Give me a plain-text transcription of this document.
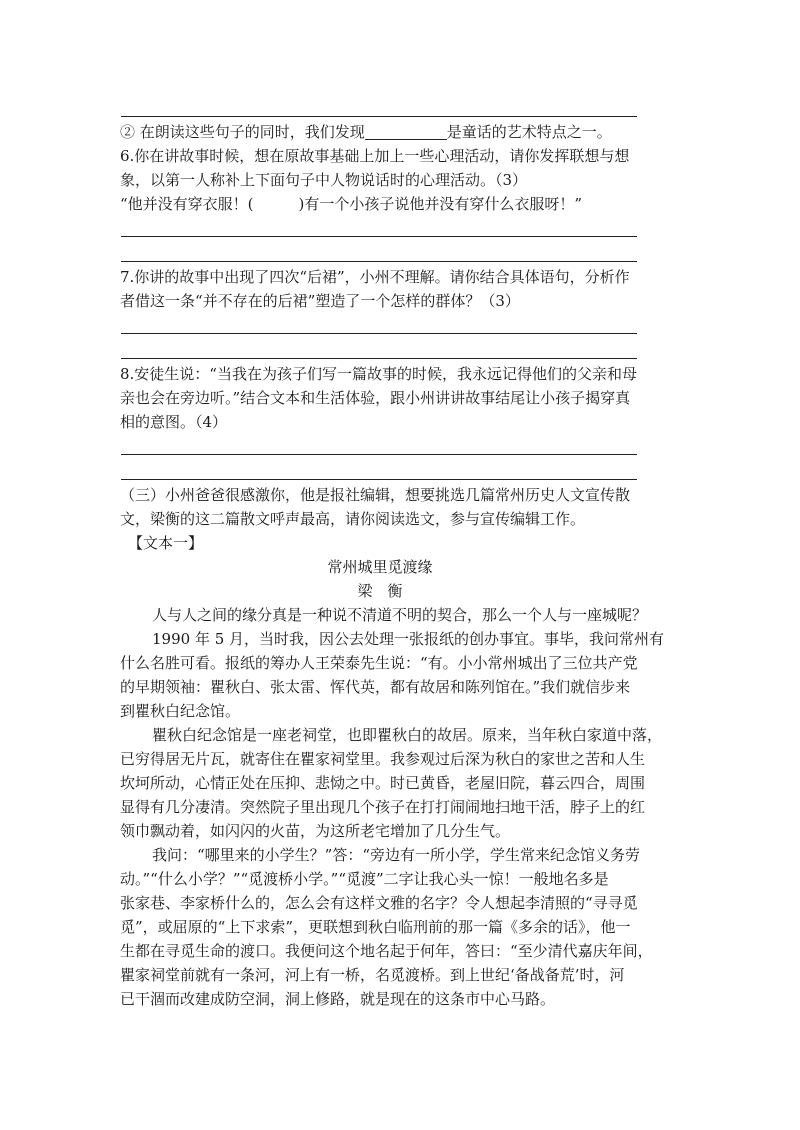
② 在朗读这些句子的同时，我们发现	是童话的艺术特点之一。
6.你在讲故事时候，想在原故事基础上加上一些心理活动，请你发挥联想与想
象，以第一人称补上下面句子中人物说话时的心理活动。（3）
“他并没有穿衣服！(　　　)有一个小孩子说他并没有穿什么衣服呀！”
7.你讲的故事中出现了四次“后裙”，小州不理解。请你结合具体语句，分析作
者借这一条“并不存在的后裙”塑造了一个怎样的群体？（3）
8.安徒生说：“当我在为孩子们写一篇故事的时候，我永远记得他们的父亲和母
亲也会在旁边听。”结合文本和生活体验，跟小州讲讲故事结尾让小孩子揭穿真
相的意图。（4）
（三）小州爸爸很感激你，他是报社编辑，想要挑选几篇常州历史人文宣传散
文，梁衡的这二篇散文呼声最高，请你阅读选文，参与宣传编辑工作。
【文本一】
常州城里觅渡缘
梁　衡
人与人之间的缘分真是一种说不清道不明的契合，那么一个人与一座城呢？
1990 年 5 月，当时我，因公去处理一张报纸的创办事宜。事毕，我问常州有
什么名胜可看。报纸的筹办人王荣泰先生说：“有。小小常州城出了三位共产党
的早期领袖：瞿秋白、张太雷、恽代英，都有故居和陈列馆在。”我们就信步来
到瞿秋白纪念馆。
瞿秋白纪念馆是一座老祠堂，也即瞿秋白的故居。原来，当年秋白家道中落，
已穷得居无片瓦，就寄住在瞿家祠堂里。我参观过后深为秋白的家世之苦和人生
坎坷所动，心情正处在压抑、悲恸之中。时已黄昏，老屋旧院，暮云四合，周围
显得有几分凄清。突然院子里出现几个孩子在打打闹闹地扫地干活，脖子上的红
领巾飘动着，如闪闪的火苗，为这所老宅增加了几分生气。
我问：“哪里来的小学生？”答：“旁边有一所小学，学生常来纪念馆义务劳
动。”“什么小学？”“觅渡桥小学。”“觅渡”二字让我心头一惊！一般地名多是
张家巷、李家桥什么的，怎么会有这样文雅的名字？令人想起李清照的“寻寻觅
觅”，或屈原的“上下求索”，更联想到秋白临刑前的那一篇《多余的话》，他一
生都在寻觅生命的渡口。我便问这个地名起于何年，答曰：“至少清代嘉庆年间，
瞿家祠堂前就有一条河，河上有一桥，名觅渡桥。到上世纪‘备战备荒’时，河
已干涸而改建成防空洞，洞上修路，就是现在的这条市中心马路。
